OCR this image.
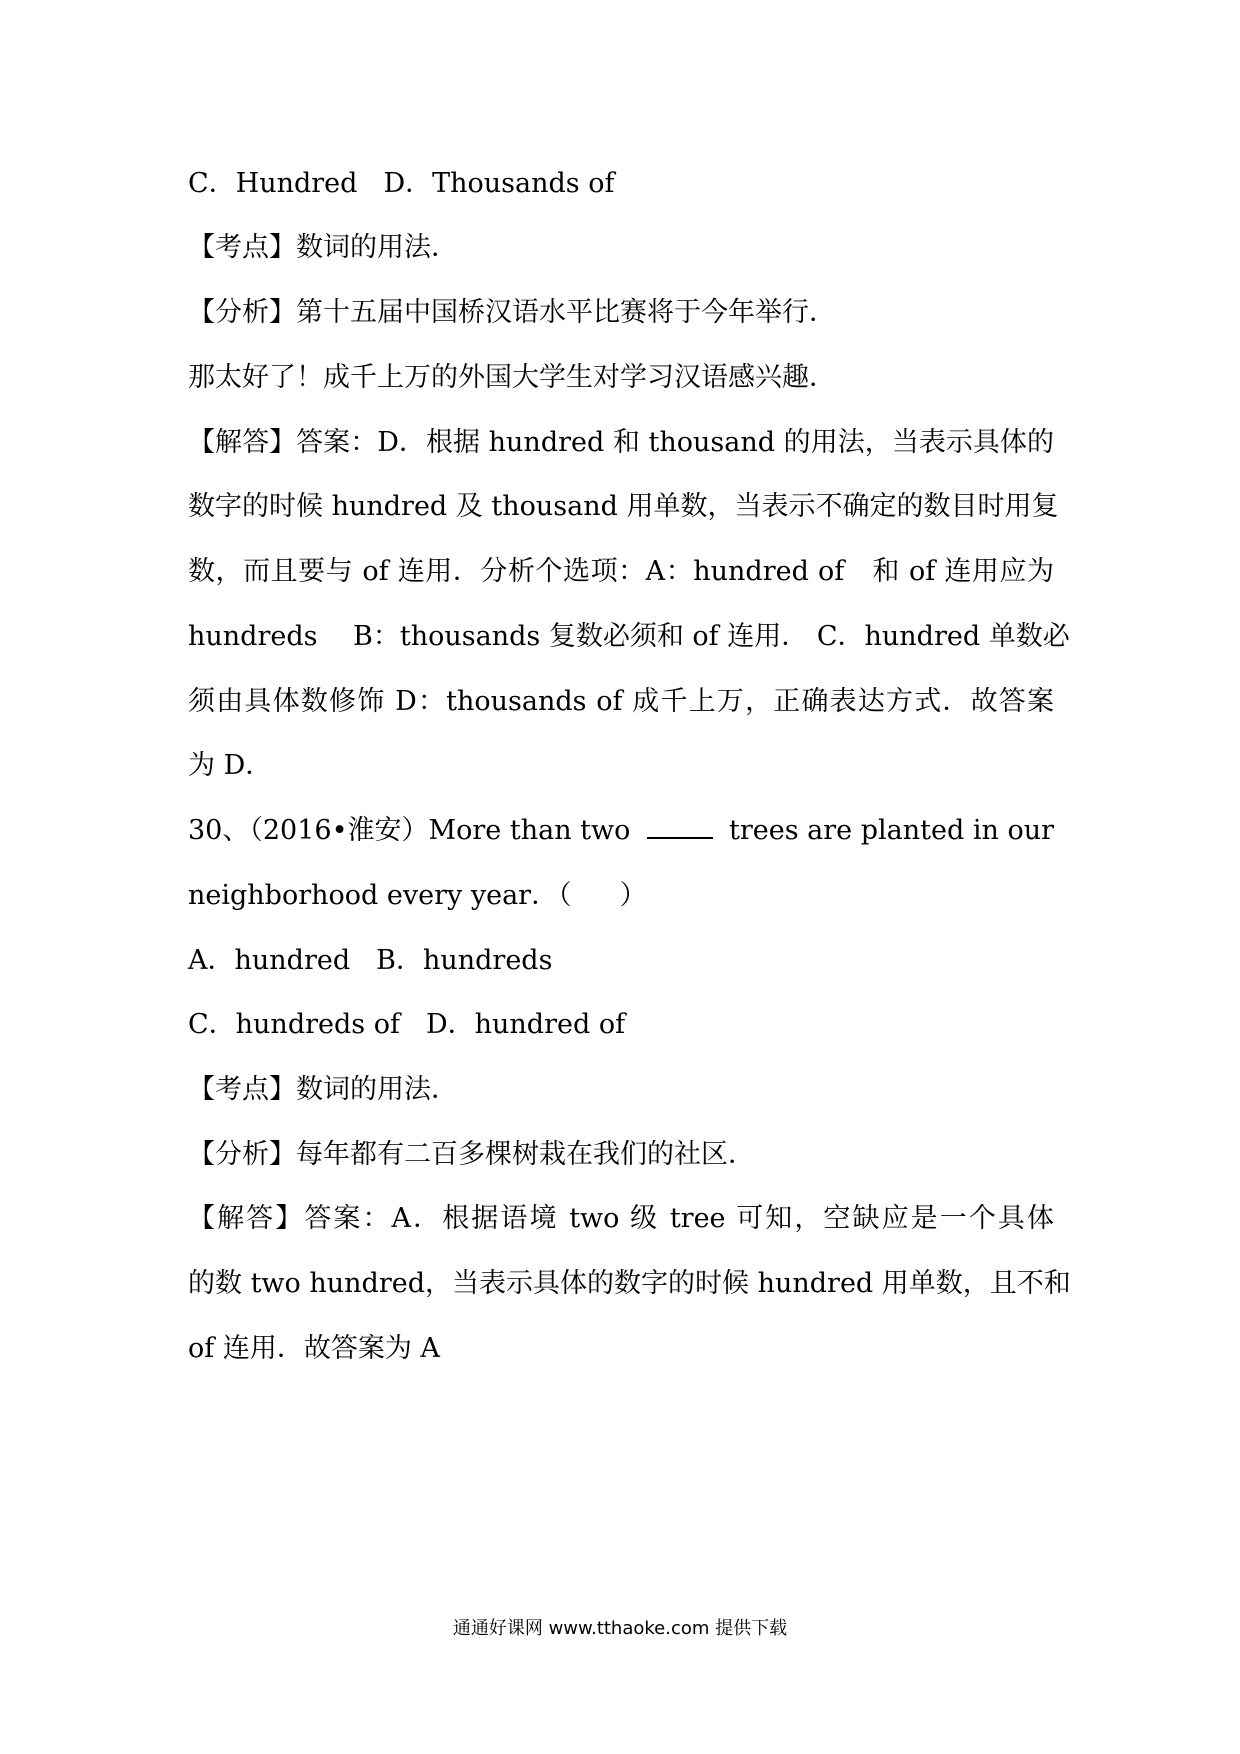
C．Hundred D．Thousands of
【考点】数词的用法．
【分析】第十五届中国桥汉语水平比赛将于今年举行．
那太好了！成千上万的外国大学生对学习汉语感兴趣．
【解答】答案：D．根据 hundred 和 thousand 的用法，当表示具体的
数字的时候 hundred 及 thousand 用单数，当表示不确定的数目时用复
数，而且要与 of 连用．分析个选项：A：hundred of　和 of 连用应为
hundreds　 B：thousands 复数必须和 of 连用． C．hundred 单数必
须由具体数修饰 D：thousands of 成千上万，正确表达方式．故答案
为 D．
30、（2016•淮安）More than two	trees are planted in our
neighborhood every year．（ ）
A．hundred B．hundreds
C．hundreds of D．hundred of
【考点】数词的用法．
【分析】每年都有二百多棵树栽在我们的社区．
【解答】答案：A．根据语境 two 级 tree 可知，空缺应是一个具体
的数 two hundred，当表示具体的数字的时候 hundred 用单数，且不和
of 连用．故答案为 A
通通好课网 www.tthaoke.com 提供下载
